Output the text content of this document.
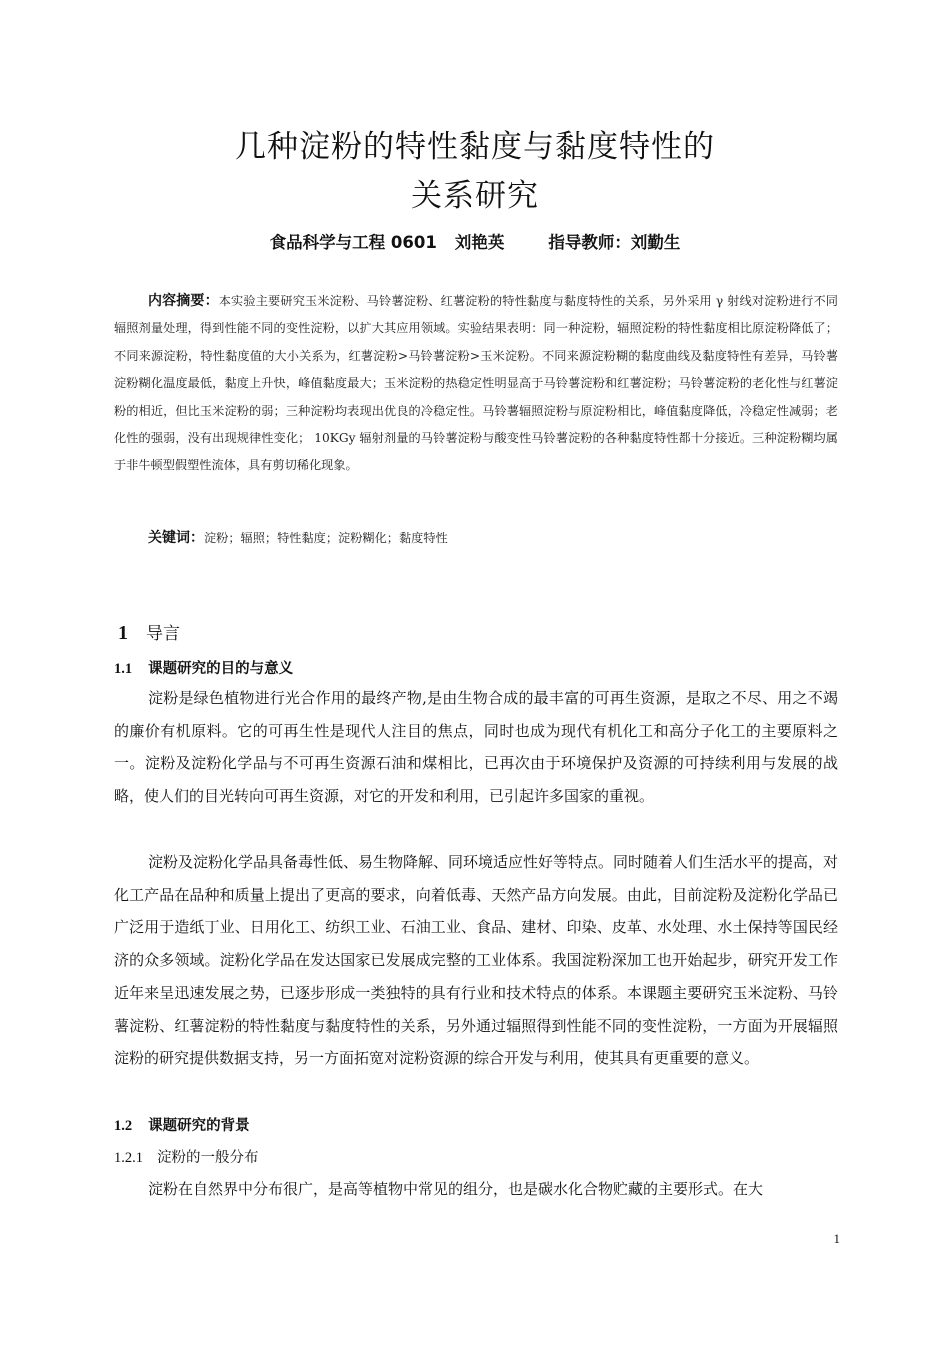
几种淀粉的特性黏度与黏度特性的
关系研究
食品科学与工程 0601 刘艳英	指导教师：刘勤生
内容摘要：本实验主要研究玉米淀粉、马铃薯淀粉、红薯淀粉的特性黏度与黏度特性的关系，另外采用 γ 射线对淀粉进行不同辐照剂量处理，得到性能不同的变性淀粉，以扩大其应用领域。实验结果表明：同一种淀粉，辐照淀粉的特性黏度相比原淀粉降低了；不同来源淀粉，特性黏度值的大小关系为，红薯淀粉>马铃薯淀粉>玉米淀粉。不同来源淀粉糊的黏度曲线及黏度特性有差异，马铃薯淀粉糊化温度最低，黏度上升快，峰值黏度最大；玉米淀粉的热稳定性明显高于马铃薯淀粉和红薯淀粉；马铃薯淀粉的老化性与红薯淀粉的相近，但比玉米淀粉的弱；三种淀粉均表现出优良的冷稳定性。马铃薯辐照淀粉与原淀粉相比，峰值黏度降低，冷稳定性减弱；老化性的强弱，没有出现规律性变化； 10KGy 辐射剂量的马铃薯淀粉与酸变性马铃薯淀粉的各种黏度特性都十分接近。三种淀粉糊均属于非牛顿型假塑性流体，具有剪切稀化现象。
关键词：淀粉；辐照；特性黏度；淀粉糊化；黏度特性
1 导言
1.1 课题研究的目的与意义
淀粉是绿色植物进行光合作用的最终产物,是由生物合成的最丰富的可再生资源，是取之不尽、用之不竭的廉价有机原料。它的可再生性是现代人注目的焦点，同时也成为现代有机化工和高分子化工的主要原料之一。淀粉及淀粉化学品与不可再生资源石油和煤相比，已再次由于环境保护及资源的可持续利用与发展的战略，使人们的目光转向可再生资源，对它的开发和利用，已引起许多国家的重视。
淀粉及淀粉化学品具备毒性低、易生物降解、同环境适应性好等特点。同时随着人们生活水平的提高，对化工产品在品种和质量上提出了更高的要求，向着低毒、天然产品方向发展。由此，目前淀粉及淀粉化学品已广泛用于造纸丁业、日用化工、纺织工业、石油工业、食品、建材、印染、皮革、水处理、水土保持等国民经济的众多领域。淀粉化学品在发达国家已发展成完整的工业体系。我国淀粉深加工也开始起步，研究开发工作近年来呈迅速发展之势，已逐步形成一类独特的具有行业和技术特点的体系。本课题主要研究玉米淀粉、马铃薯淀粉、红薯淀粉的特性黏度与黏度特性的关系，另外通过辐照得到性能不同的变性淀粉，一方面为开展辐照淀粉的研究提供数据支持，另一方面拓宽对淀粉资源的综合开发与利用，使其具有更重要的意义。
1.2 课题研究的背景
1.2.1 淀粉的一般分布
淀粉在自然界中分布很广，是高等植物中常见的组分，也是碳水化合物贮藏的主要形式。在大
1
